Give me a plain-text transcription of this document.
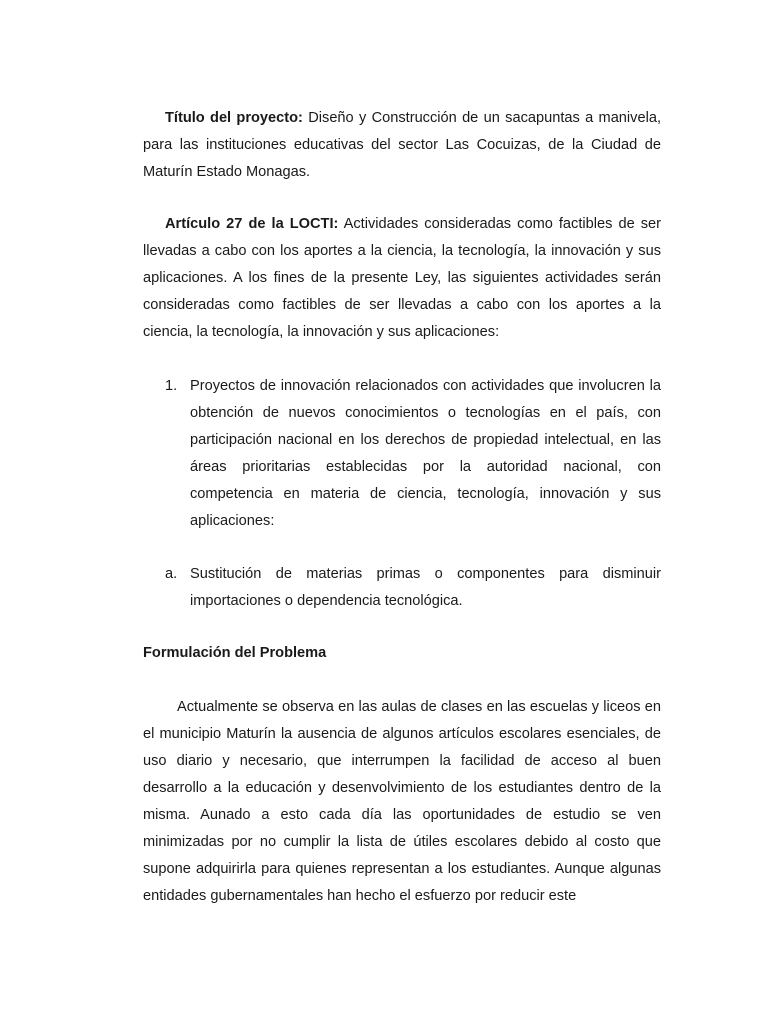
Título del proyecto: Diseño y Construcción de un sacapuntas a manivela, para las instituciones educativas del sector Las Cocuizas, de la Ciudad de Maturín Estado Monagas.

Artículo 27 de la LOCTI: Actividades consideradas como factibles de ser llevadas a cabo con los aportes a la ciencia, la tecnología, la innovación y sus aplicaciones. A los fines de la presente Ley, las siguientes actividades serán consideradas como factibles de ser llevadas a cabo con los aportes a la ciencia, la tecnología, la innovación y sus aplicaciones:

1. Proyectos de innovación relacionados con actividades que involucren la obtención de nuevos conocimientos o tecnologías en el país, con participación nacional en los derechos de propiedad intelectual, en las áreas prioritarias establecidas por la autoridad nacional, con competencia en materia de ciencia, tecnología, innovación y sus aplicaciones:
a. Sustitución de materias primas o componentes para disminuir importaciones o dependencia tecnológica.
Formulación del Problema

Actualmente se observa en las aulas de clases en las escuelas y liceos en el municipio Maturín la ausencia de algunos artículos escolares esenciales, de uso diario y necesario, que interrumpen la facilidad de acceso al buen desarrollo a la educación y desenvolvimiento de los estudiantes dentro de la misma. Aunado a esto cada día las oportunidades de estudio se ven minimizadas por no cumplir la lista de útiles escolares debido al costo que supone adquirirla para quienes representan a los estudiantes. Aunque algunas entidades gubernamentales han hecho el esfuerzo por reducir este
